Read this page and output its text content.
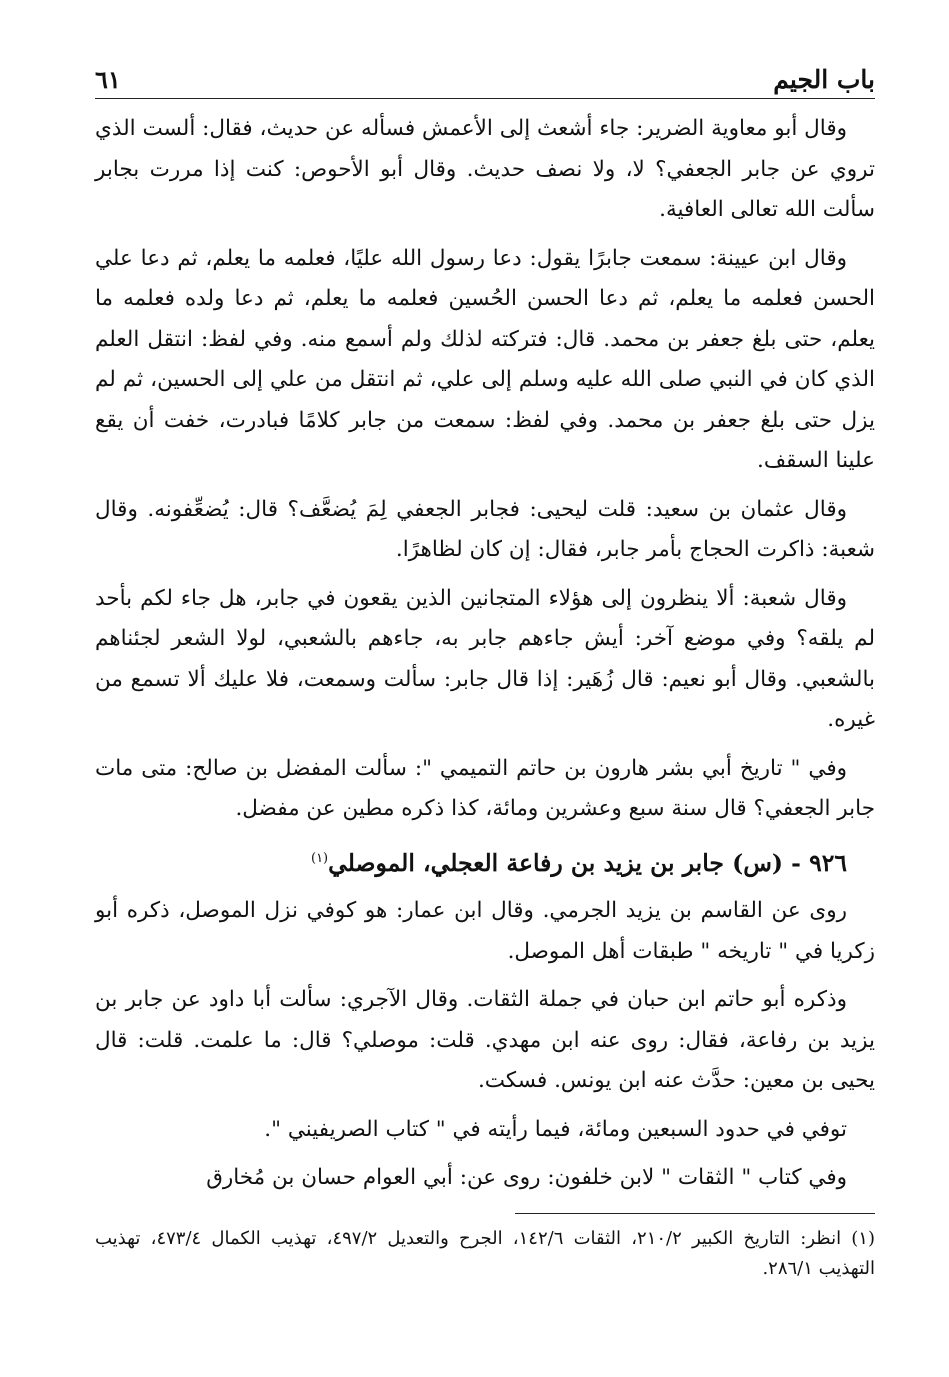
باب الجيم
٦١

وقال أبو معاوية الضرير: جاء أشعث إلى الأعمش فسأله عن حديث، فقال: ألست الذي تروي عن جابر الجعفي؟ لا، ولا نصف حديث. وقال أبو الأحوص: كنت إذا مررت بجابر سألت الله تعالى العافية.

وقال ابن عيينة: سمعت جابرًا يقول: دعا رسول الله عليًا، فعلمه ما يعلم، ثم دعا علي الحسن فعلمه ما يعلم، ثم دعا الحسن الحُسين فعلمه ما يعلم، ثم دعا ولده فعلمه ما يعلم، حتى بلغ جعفر بن محمد. قال: فتركته لذلك ولم أسمع منه. وفي لفظ: انتقل العلم الذي كان في النبي صلى الله عليه وسلم إلى علي، ثم انتقل من علي إلى الحسين، ثم لم يزل حتى بلغ جعفر بن محمد. وفي لفظ: سمعت من جابر كلامًا فبادرت، خفت أن يقع علينا السقف.

وقال عثمان بن سعيد: قلت ليحيى: فجابر الجعفي لِمَ يُضعَّف؟ قال: يُضعِّفونه. وقال شعبة: ذاكرت الحجاج بأمر جابر، فقال: إن كان لظاهرًا.

وقال شعبة: ألا ينظرون إلى هؤلاء المتجانين الذين يقعون في جابر، هل جاء لكم بأحد لم يلقه؟ وفي موضع آخر: أيش جاءهم جابر به، جاءهم بالشعبي، لولا الشعر لجئناهم بالشعبي. وقال أبو نعيم: قال زُهَير: إذا قال جابر: سألت وسمعت، فلا عليك ألا تسمع من غيره.

وفي " تاريخ أبي بشر هارون بن حاتم التميمي ": سألت المفضل بن صالح: متى مات جابر الجعفي؟ قال سنة سبع وعشرين ومائة، كذا ذكره مطين عن مفضل.

٩٢٦ - (س) جابر بن يزيد بن رفاعة العجلي، الموصلي$^{(١)}$

روى عن القاسم بن يزيد الجرمي. وقال ابن عمار: هو كوفي نزل الموصل، ذكره أبو زكريا في " تاريخه " طبقات أهل الموصل.

وذكره أبو حاتم ابن حبان في جملة الثقات. وقال الآجري: سألت أبا داود عن جابر بن يزيد بن رفاعة، فقال: روى عنه ابن مهدي. قلت: موصلي؟ قال: ما علمت. قلت: قال يحيى بن معين: حدَّث عنه ابن يونس. فسكت.

توفي في حدود السبعين ومائة، فيما رأيته في " كتاب الصريفيني ".

وفي كتاب " الثقات " لابن خلفون: روى عن: أبي العوام حسان بن مُخارق

(١) انظر: التاريخ الكبير ٢١٠/٢، الثقات ١٤٢/٦، الجرح والتعديل ٤٩٧/٢، تهذيب الكمال ٤٧٣/٤، تهذيب التهذيب ٢٨٦/١.
